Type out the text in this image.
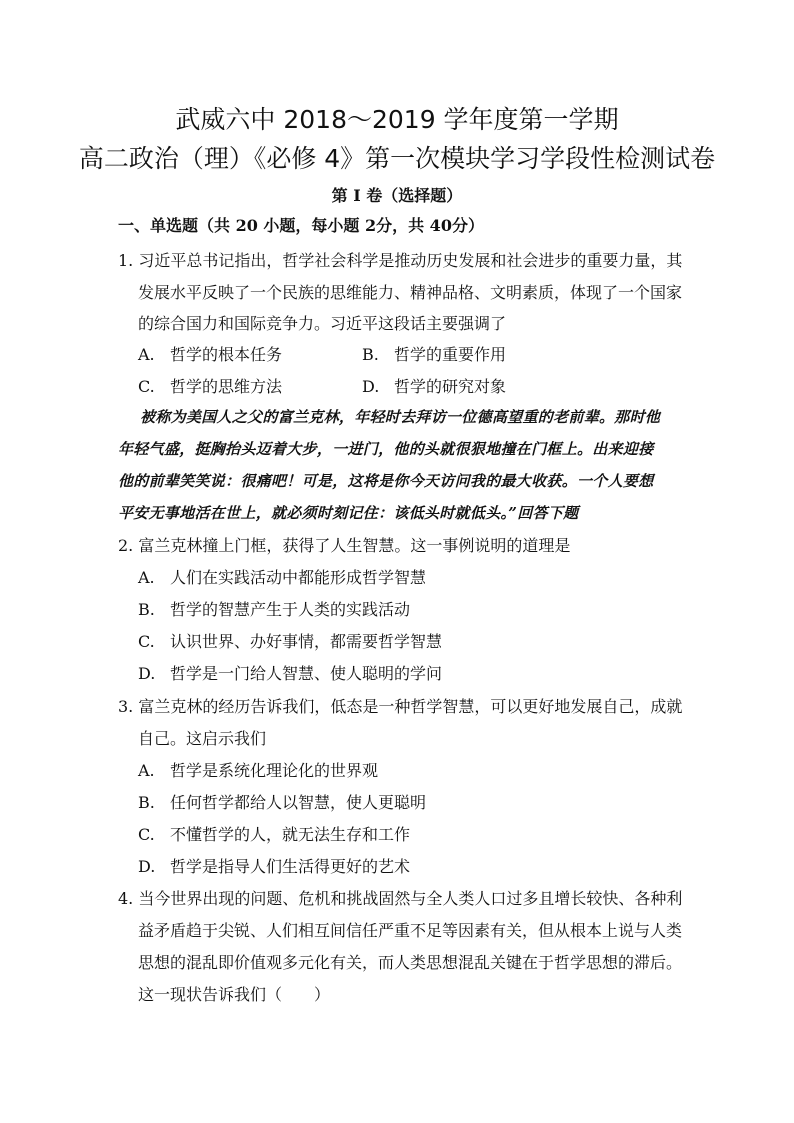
武威六中 2018～2019 学年度第一学期
高二政治（理）《必修 4》第一次模块学习学段性检测试卷
第 I 卷（选择题）
一、单选题（共 20 小题，每小题 2分，共 40分）
1. 习近平总书记指出，哲学社会科学是推动历史发展和社会进步的重要力量，其
发展水平反映了一个民族的思维能力、精神品格、文明素质，体现了一个国家
的综合国力和国际竞争力。习近平这段话主要强调了
A. 哲学的根本任务	B. 哲学的重要作用
C. 哲学的思维方法	D. 哲学的研究对象
被称为美国人之父的富兰克林，年轻时去拜访一位德高望重的老前辈。那时他
年轻气盛，挺胸抬头迈着大步，一进门，他的头就很狠地撞在门框上。出来迎接
他的前辈笑笑说：很痛吧！可是，这将是你今天访问我的最大收获。一个人要想
平安无事地活在世上，就必须时刻记住：该低头时就低头。”回答下题
2. 富兰克林撞上门框，获得了人生智慧。这一事例说明的道理是
A. 人们在实践活动中都能形成哲学智慧
B. 哲学的智慧产生于人类的实践活动
C. 认识世界、办好事情，都需要哲学智慧
D. 哲学是一门给人智慧、使人聪明的学问
3. 富兰克林的经历告诉我们，低态是一种哲学智慧，可以更好地发展自己，成就
自己。这启示我们
A. 哲学是系统化理论化的世界观
B. 任何哲学都给人以智慧，使人更聪明
C. 不懂哲学的人，就无法生存和工作
D. 哲学是指导人们生活得更好的艺术
4. 当今世界出现的问题、危机和挑战固然与全人类人口过多且增长较快、各种利
益矛盾趋于尖锐、人们相互间信任严重不足等因素有关，但从根本上说与人类
思想的混乱即价值观多元化有关，而人类思想混乱关键在于哲学思想的滞后。
这一现状告诉我们（　　）
